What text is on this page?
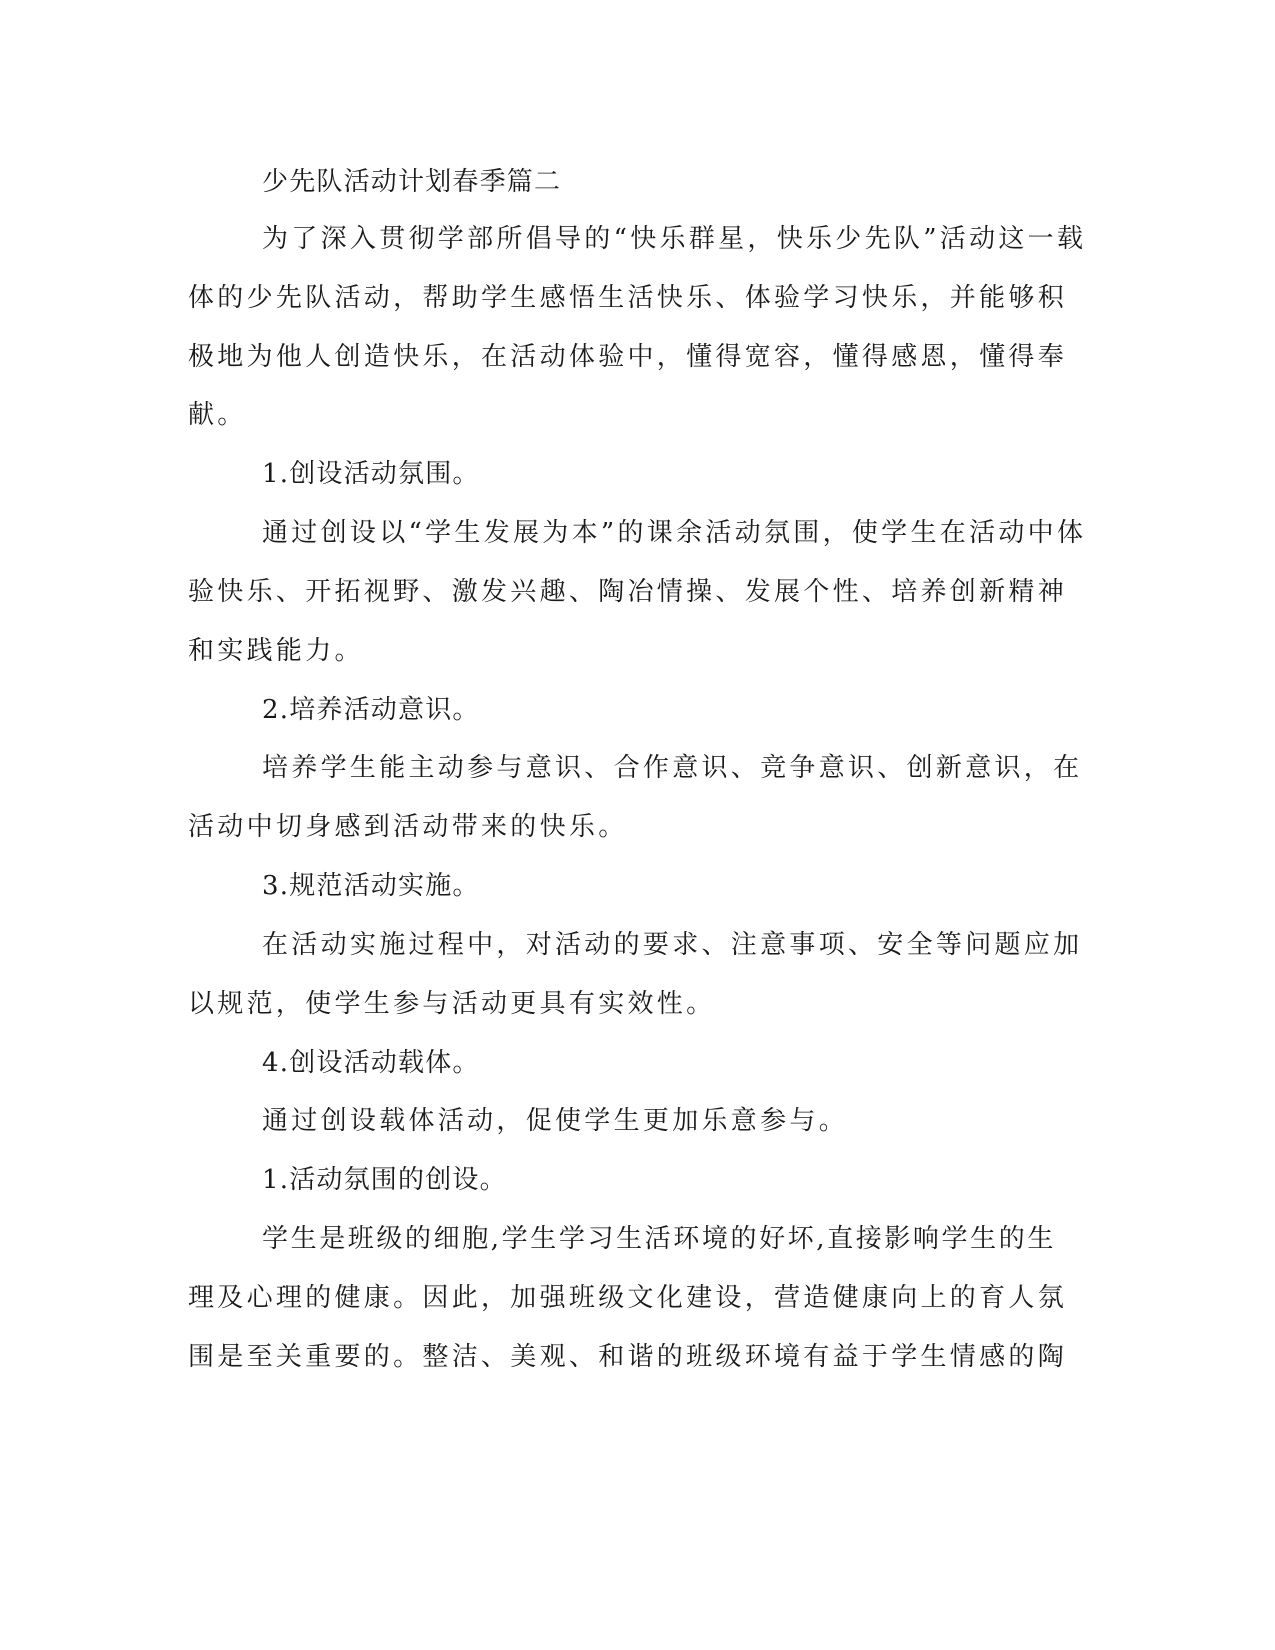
少先队活动计划春季篇二

为了深入贯彻学部所倡导的“快乐群星，快乐少先队”活动这一载

体的少先队活动，帮助学生感悟生活快乐、体验学习快乐，并能够积

极地为他人创造快乐，在活动体验中，懂得宽容，懂得感恩，懂得奉

献。

1.创设活动氛围。

通过创设以“学生发展为本”的课余活动氛围，使学生在活动中体

验快乐、开拓视野、激发兴趣、陶冶情操、发展个性、培养创新精神

和实践能力。

2.培养活动意识。

培养学生能主动参与意识、合作意识、竞争意识、创新意识，在

活动中切身感到活动带来的快乐。

3.规范活动实施。

在活动实施过程中，对活动的要求、注意事项、安全等问题应加

以规范，使学生参与活动更具有实效性。

4.创设活动载体。

通过创设载体活动，促使学生更加乐意参与。

1.活动氛围的创设。

学生是班级的细胞,学生学习生活环境的好坏,直接影响学生的生

理及心理的健康。因此，加强班级文化建设，营造健康向上的育人氛

围是至关重要的。整洁、美观、和谐的班级环境有益于学生情感的陶
